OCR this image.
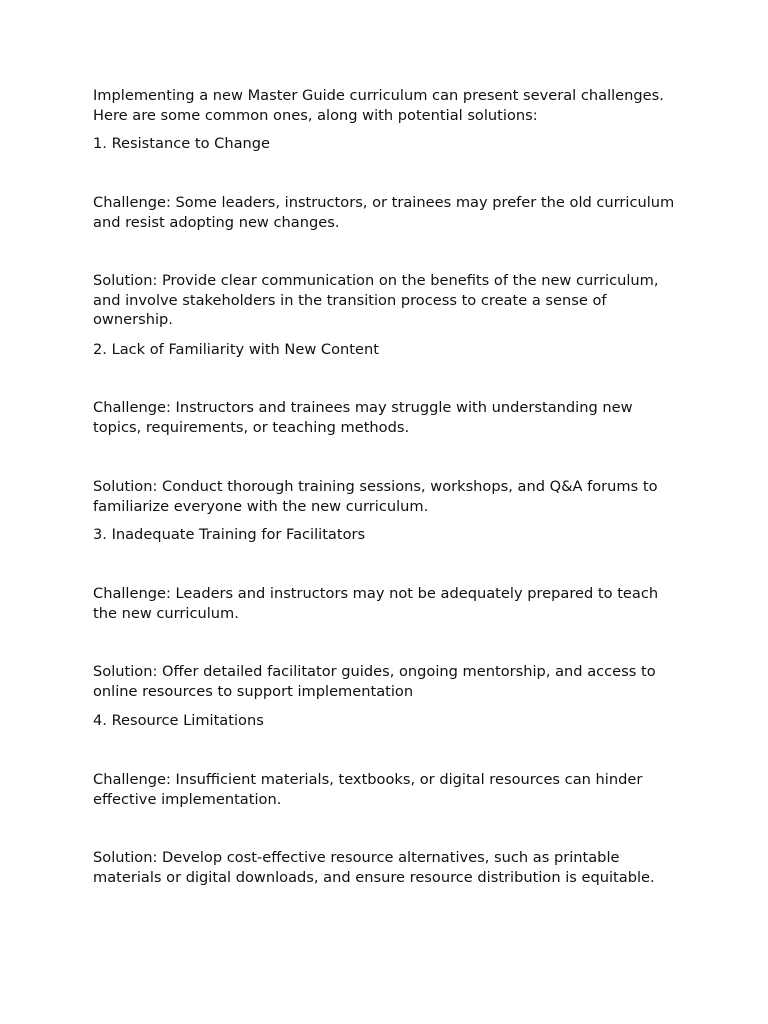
Implementing a new Master Guide curriculum can present several challenges. Here are some common ones, along with potential solutions:

1. Resistance to Change

Challenge: Some leaders, instructors, or trainees may prefer the old curriculum and resist adopting new changes.

Solution: Provide clear communication on the benefits of the new curriculum, and involve stakeholders in the transition process to create a sense of ownership.

2. Lack of Familiarity with New Content

Challenge: Instructors and trainees may struggle with understanding new topics, requirements, or teaching methods.

Solution: Conduct thorough training sessions, workshops, and Q&A forums to familiarize everyone with the new curriculum.

3. Inadequate Training for Facilitators

Challenge: Leaders and instructors may not be adequately prepared to teach the new curriculum.

Solution: Offer detailed facilitator guides, ongoing mentorship, and access to online resources to support implementation

4. Resource Limitations

Challenge: Insufficient materials, textbooks, or digital resources can hinder effective implementation.

Solution: Develop cost-effective resource alternatives, such as printable materials or digital downloads, and ensure resource distribution is equitable.
